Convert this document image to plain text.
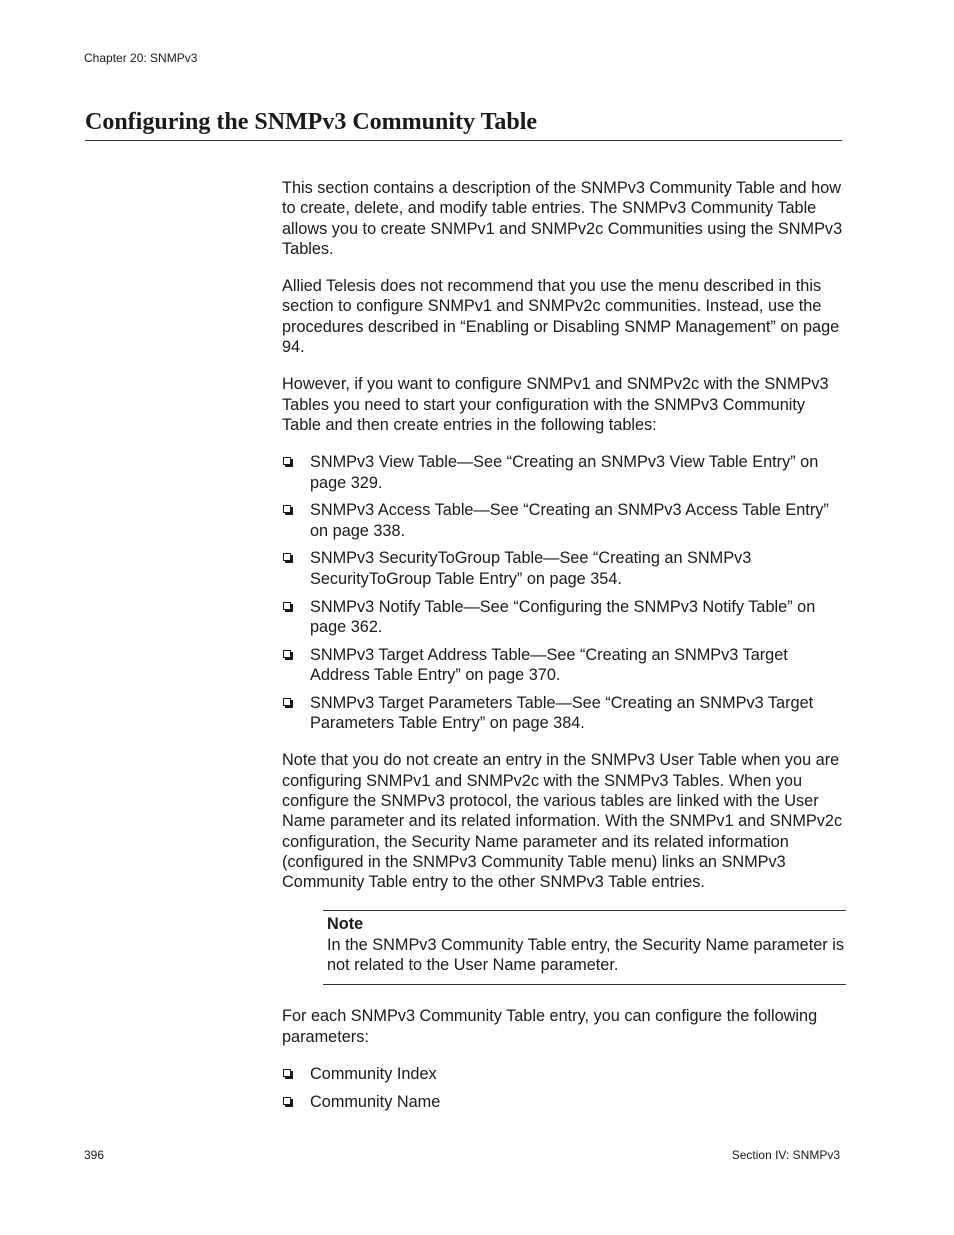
Chapter 20: SNMPv3
Configuring the SNMPv3 Community Table

This section contains a description of the SNMPv3 Community Table and how to create, delete, and modify table entries. The SNMPv3 Community Table allows you to create SNMPv1 and SNMPv2c Communities using the SNMPv3 Tables.

Allied Telesis does not recommend that you use the menu described in this section to configure SNMPv1 and SNMPv2c communities. Instead, use the procedures described in “Enabling or Disabling SNMP Management” on page 94.

However, if you want to configure SNMPv1 and SNMPv2c with the SNMPv3 Tables you need to start your configuration with the SNMPv3 Community Table and then create entries in the following tables:

SNMPv3 View Table—See “Creating an SNMPv3 View Table Entry” on page 329.
SNMPv3 Access Table—See “Creating an SNMPv3 Access Table Entry” on page 338.
SNMPv3 SecurityToGroup Table—See “Creating an SNMPv3 SecurityToGroup Table Entry” on page 354.
SNMPv3 Notify Table—See “Configuring the SNMPv3 Notify Table” on page 362.
SNMPv3 Target Address Table—See “Creating an SNMPv3 Target Address Table Entry” on page 370.
SNMPv3 Target Parameters Table—See “Creating an SNMPv3 Target Parameters Table Entry” on page 384.

Note that you do not create an entry in the SNMPv3 User Table when you are configuring SNMPv1 and SNMPv2c with the SNMPv3 Tables. When you configure the SNMPv3 protocol, the various tables are linked with the User Name parameter and its related information. With the SNMPv1 and SNMPv2c configuration, the Security Name parameter and its related information (configured in the SNMPv3 Community Table menu) links an SNMPv3 Community Table entry to the other SNMPv3 Table entries.

Note
In the SNMPv3 Community Table entry, the Security Name parameter is not related to the User Name parameter.

For each SNMPv3 Community Table entry, you can configure the following parameters:

Community Index
Community Name
396	Section IV: SNMPv3
